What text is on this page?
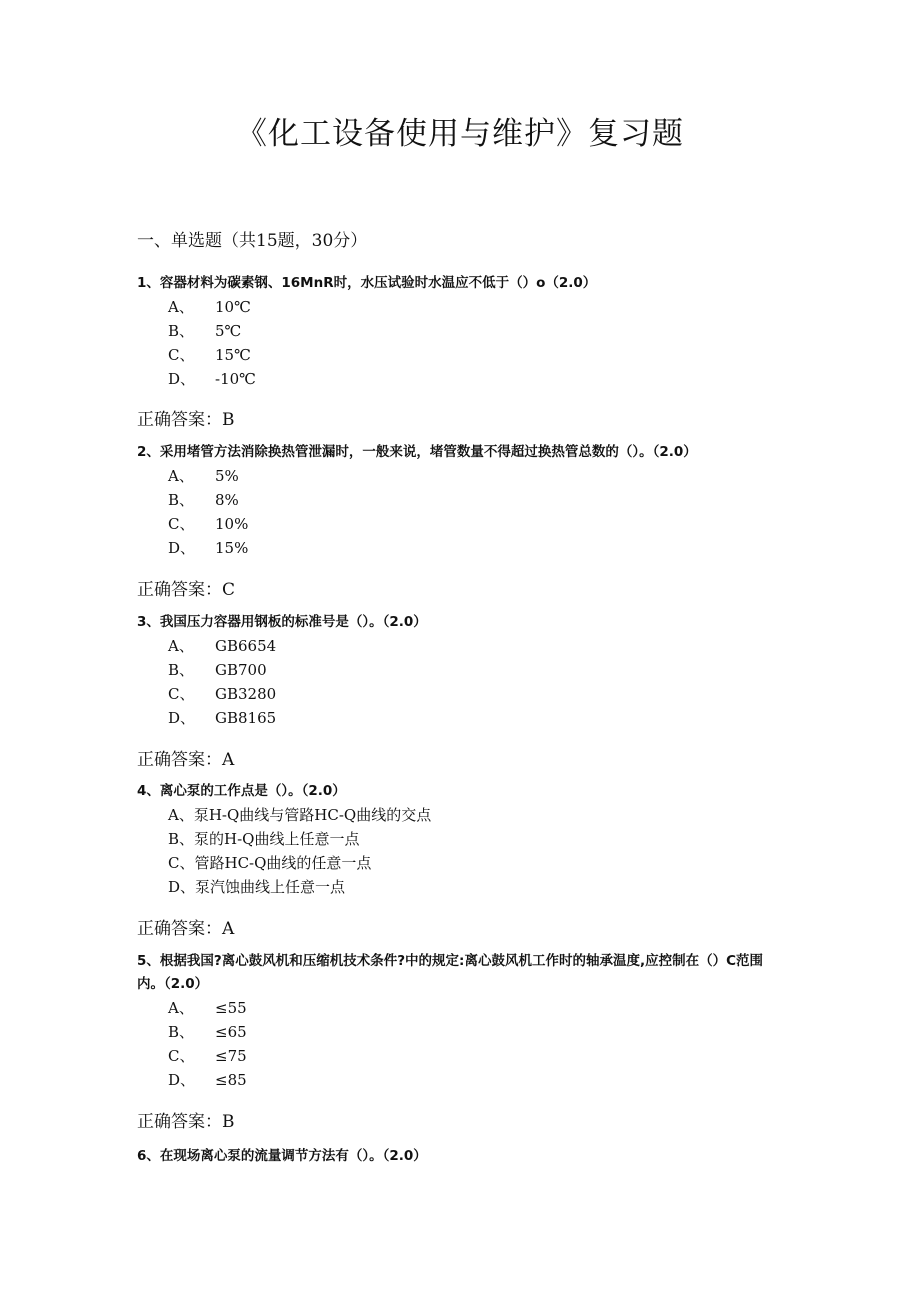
《化工设备使用与维护》复习题
一、单选题（共15题，30分）
1、容器材料为碳素钢、16MnR时，水压试验时水温应不低于（）o（2.0）
A、 10℃
B、 5℃
C、 15℃
D、 -10℃
正确答案：B
2、采用堵管方法消除换热管泄漏时，一般来说，堵管数量不得超过换热管总数的（）。（2.0）
A、 5%
B、 8%
C、 10%
D、 15%
正确答案：C
3、我国压力容器用钢板的标准号是（）。（2.0）
A、 GB6654
B、 GB700
C、 GB3280
D、 GB8165
正确答案：A
4、离心泵的工作点是（）。（2.0）
A、泵H-Q曲线与管路HC-Q曲线的交点
B、泵的H-Q曲线上任意一点
C、管路HC-Q曲线的任意一点
D、泵汽蚀曲线上任意一点
正确答案：A
5、根据我国?离心鼓风机和压缩机技术条件?中的规定:离心鼓风机工作时的轴承温度,应控制在（）C范围内。（2.0）
A、 ≤55
B、 ≤65
C、 ≤75
D、 ≤85
正确答案：B
6、在现场离心泵的流量调节方法有（）。（2.0）
